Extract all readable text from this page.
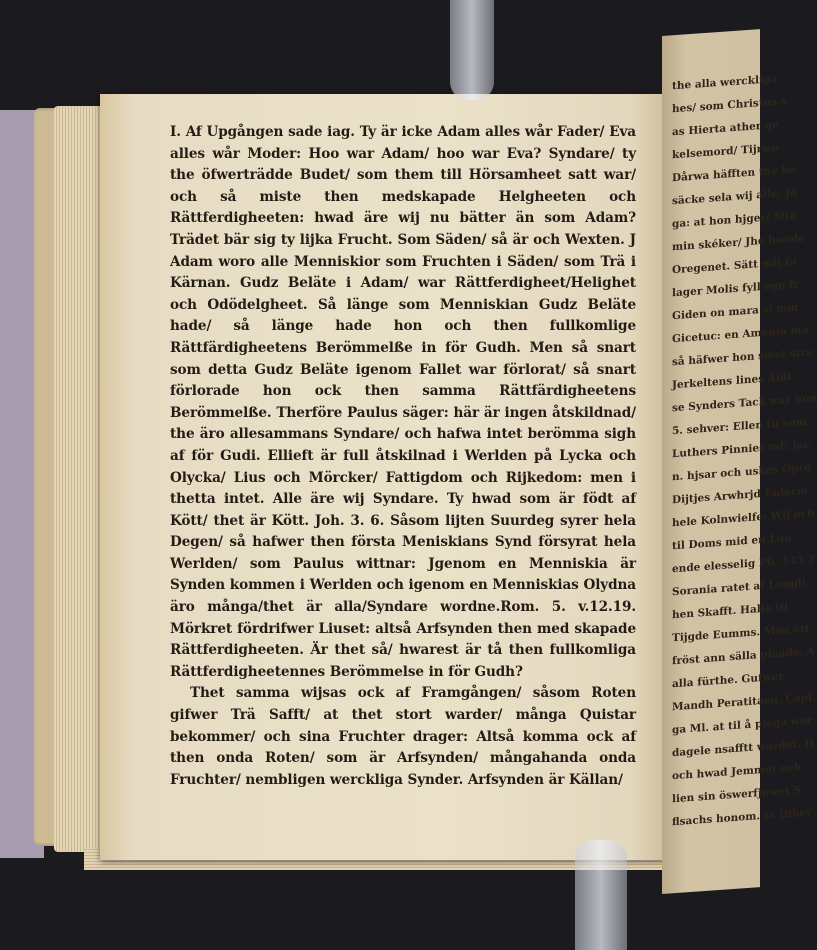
I. Af Upgången sade iag. Ty är icke Adam alles wår Fader/ Eva alles wår Moder: Hoo war Adam/ hoo war Eva? Syndare/ ty the öfwerträdde Budet/ som them till Hörsamheet satt war/ och så miste then medskapade Helgheeten och Rättferdigheeten: hwad äre wij nu bätter än som Adam? Trädet bär sig ty lijka Frucht. Som Säden/ så är och Wexten. J Adam woro alle Menniskior som Fruchten i Säden/ som Trä i Kärnan. Gudz Beläte i Adam/ war Rättferdigheet/Helighet och Odödelgheet. Så länge som Menniskian Gudz Beläte hade/ så länge hade hon och then fullkomlige Rättfärdigheetens Berömmelße in för Gudh. Men så snart som detta Gudz Beläte igenom Fallet war förlorat/ så snart förlorade hon ock then samma Rättfärdigheetens Berömmelße. Therföre Paulus säger: här är ingen åtskildnad/ the äro allesammans Syndare/ och hafwa intet berömma sigh af för Gudi. Ellieft är full åtskilnad i Werlden på Lycka och Olycka/ Lius och Mörcker/ Fattigdom och Rijkedom: men i thetta intet. Alle äre wij Syndare. Ty hwad som är födt af Kött/ thet är Kött. Joh. 3. 6. Såsom lijten Suurdeg syrer hela Degen/ så hafwer then första Meniskians Synd försyrat hela Werlden/ som Paulus wittnar: Jgenom en Menniskia är Synden kommen i Werlden och igenom en Menniskias Olydna äro många/thet är alla/Syndare wordne.Rom. 5. v.12.19. Mörkret fördrifwer Liuset: altså Arfsynden then med skapade Rättferdigheeten. Är thet så/ hwarest är tå then fullkomliga Rättferdigheetennes Berömmelse in för Gudh?

Thet samma wijsas ock af Framgången/ såsom Roten gifwer Trä Safft/ at thet stort warder/ många Quistar bekommer/ och sina Fruchter drager: Altså komma ock af then onda Roten/ som är Arfsynden/ mångahanda onda Fruchter/ nembligen werckliga Synder. Arfsynden är Källan/

the alla werckliga
hes/ som Christus s
as Hierta ather ge
kelsemord/ Tijrwo
Dårwa häfften the be
säcke sela wij alle. Jo
ga: at hon hjger/ Min
min skéker/ Jhe hunde
Oregenet. Sätt mit ta
lager Molis fyll ege fr
Giden on mara si mm
Gicetuc: en Amenia ma
så häfwer hon sieet stra
Jerkeltens lines Aldt
se Synders Tack war hon
5. sehver: Ellen tu som
Luthers Pinnies mf: Jac
n. hjsar och uskes Oprg
Dijtjes Arwhrjd Enlecm
hele Kolnwielfe: Wij och
til Doms mid en Lun
ende elesselig Pli. 145.2
Sorania ratet af Longli
hen Skafft. Halle til
Tijgde Eumms. Men ett
fröst ann sälla plaade. A
alla fürthe. Gufwer
Mandh Peratitaen. Capt.
ga Ml. at til å plega wor
dagele nsafftt wardet. H
och hwad Jemmet och
lien sin öswerfjuwet S
flsachs honom. Ja Diber
